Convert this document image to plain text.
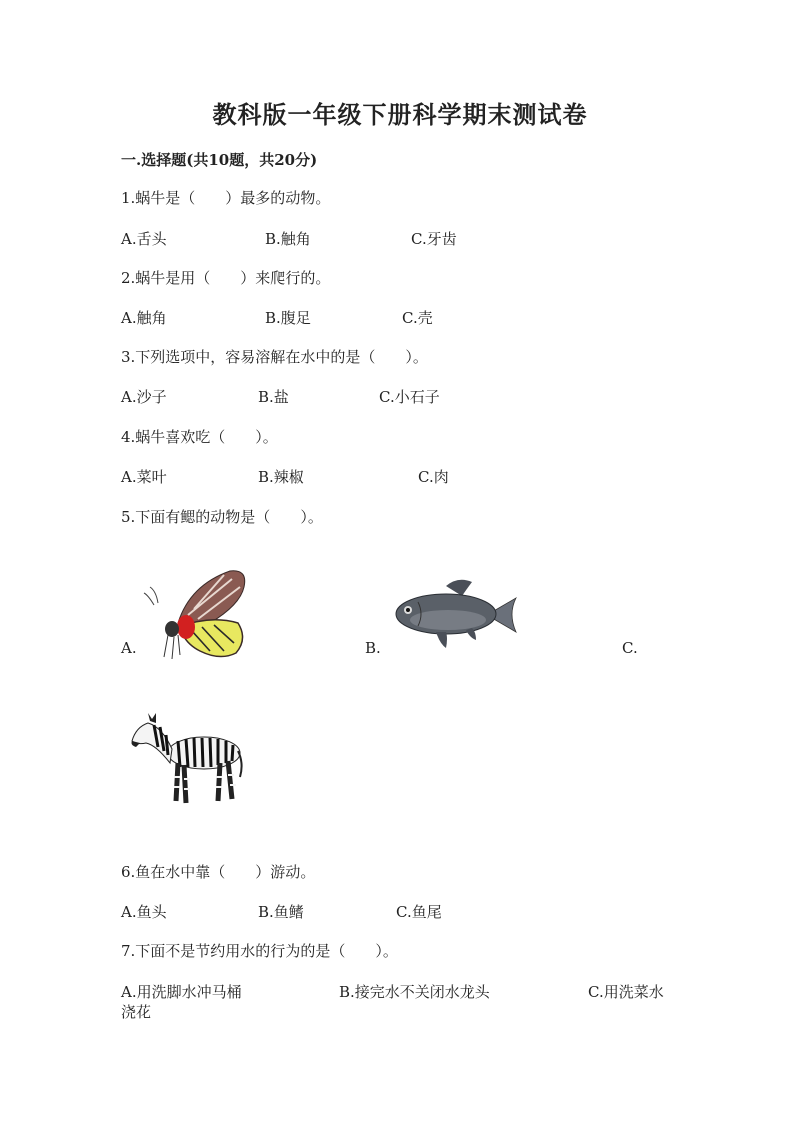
教科版一年级下册科学期末测试卷
一.选择题(共10题，共20分)
1.蜗牛是（　　）最多的动物。
A.舌头	B.触角	C.牙齿
2.蜗牛是用（　　）来爬行的。
A.触角	B.腹足	C.壳
3.下列选项中，容易溶解在水中的是（　　）。
A.沙子	B.盐	C.小石子
4.蜗牛喜欢吃（　　）。
A.菜叶	B.辣椒	C.肉
5.下面有鳃的动物是（　　）。
A.	B.	C.
6.鱼在水中靠（　　）游动。
A.鱼头	B.鱼鳍	C.鱼尾
7.下面不是节约用水的行为的是（　　）。
A.用洗脚水冲马桶	B.接完水不关闭水龙头	C.用洗菜水
浇花
